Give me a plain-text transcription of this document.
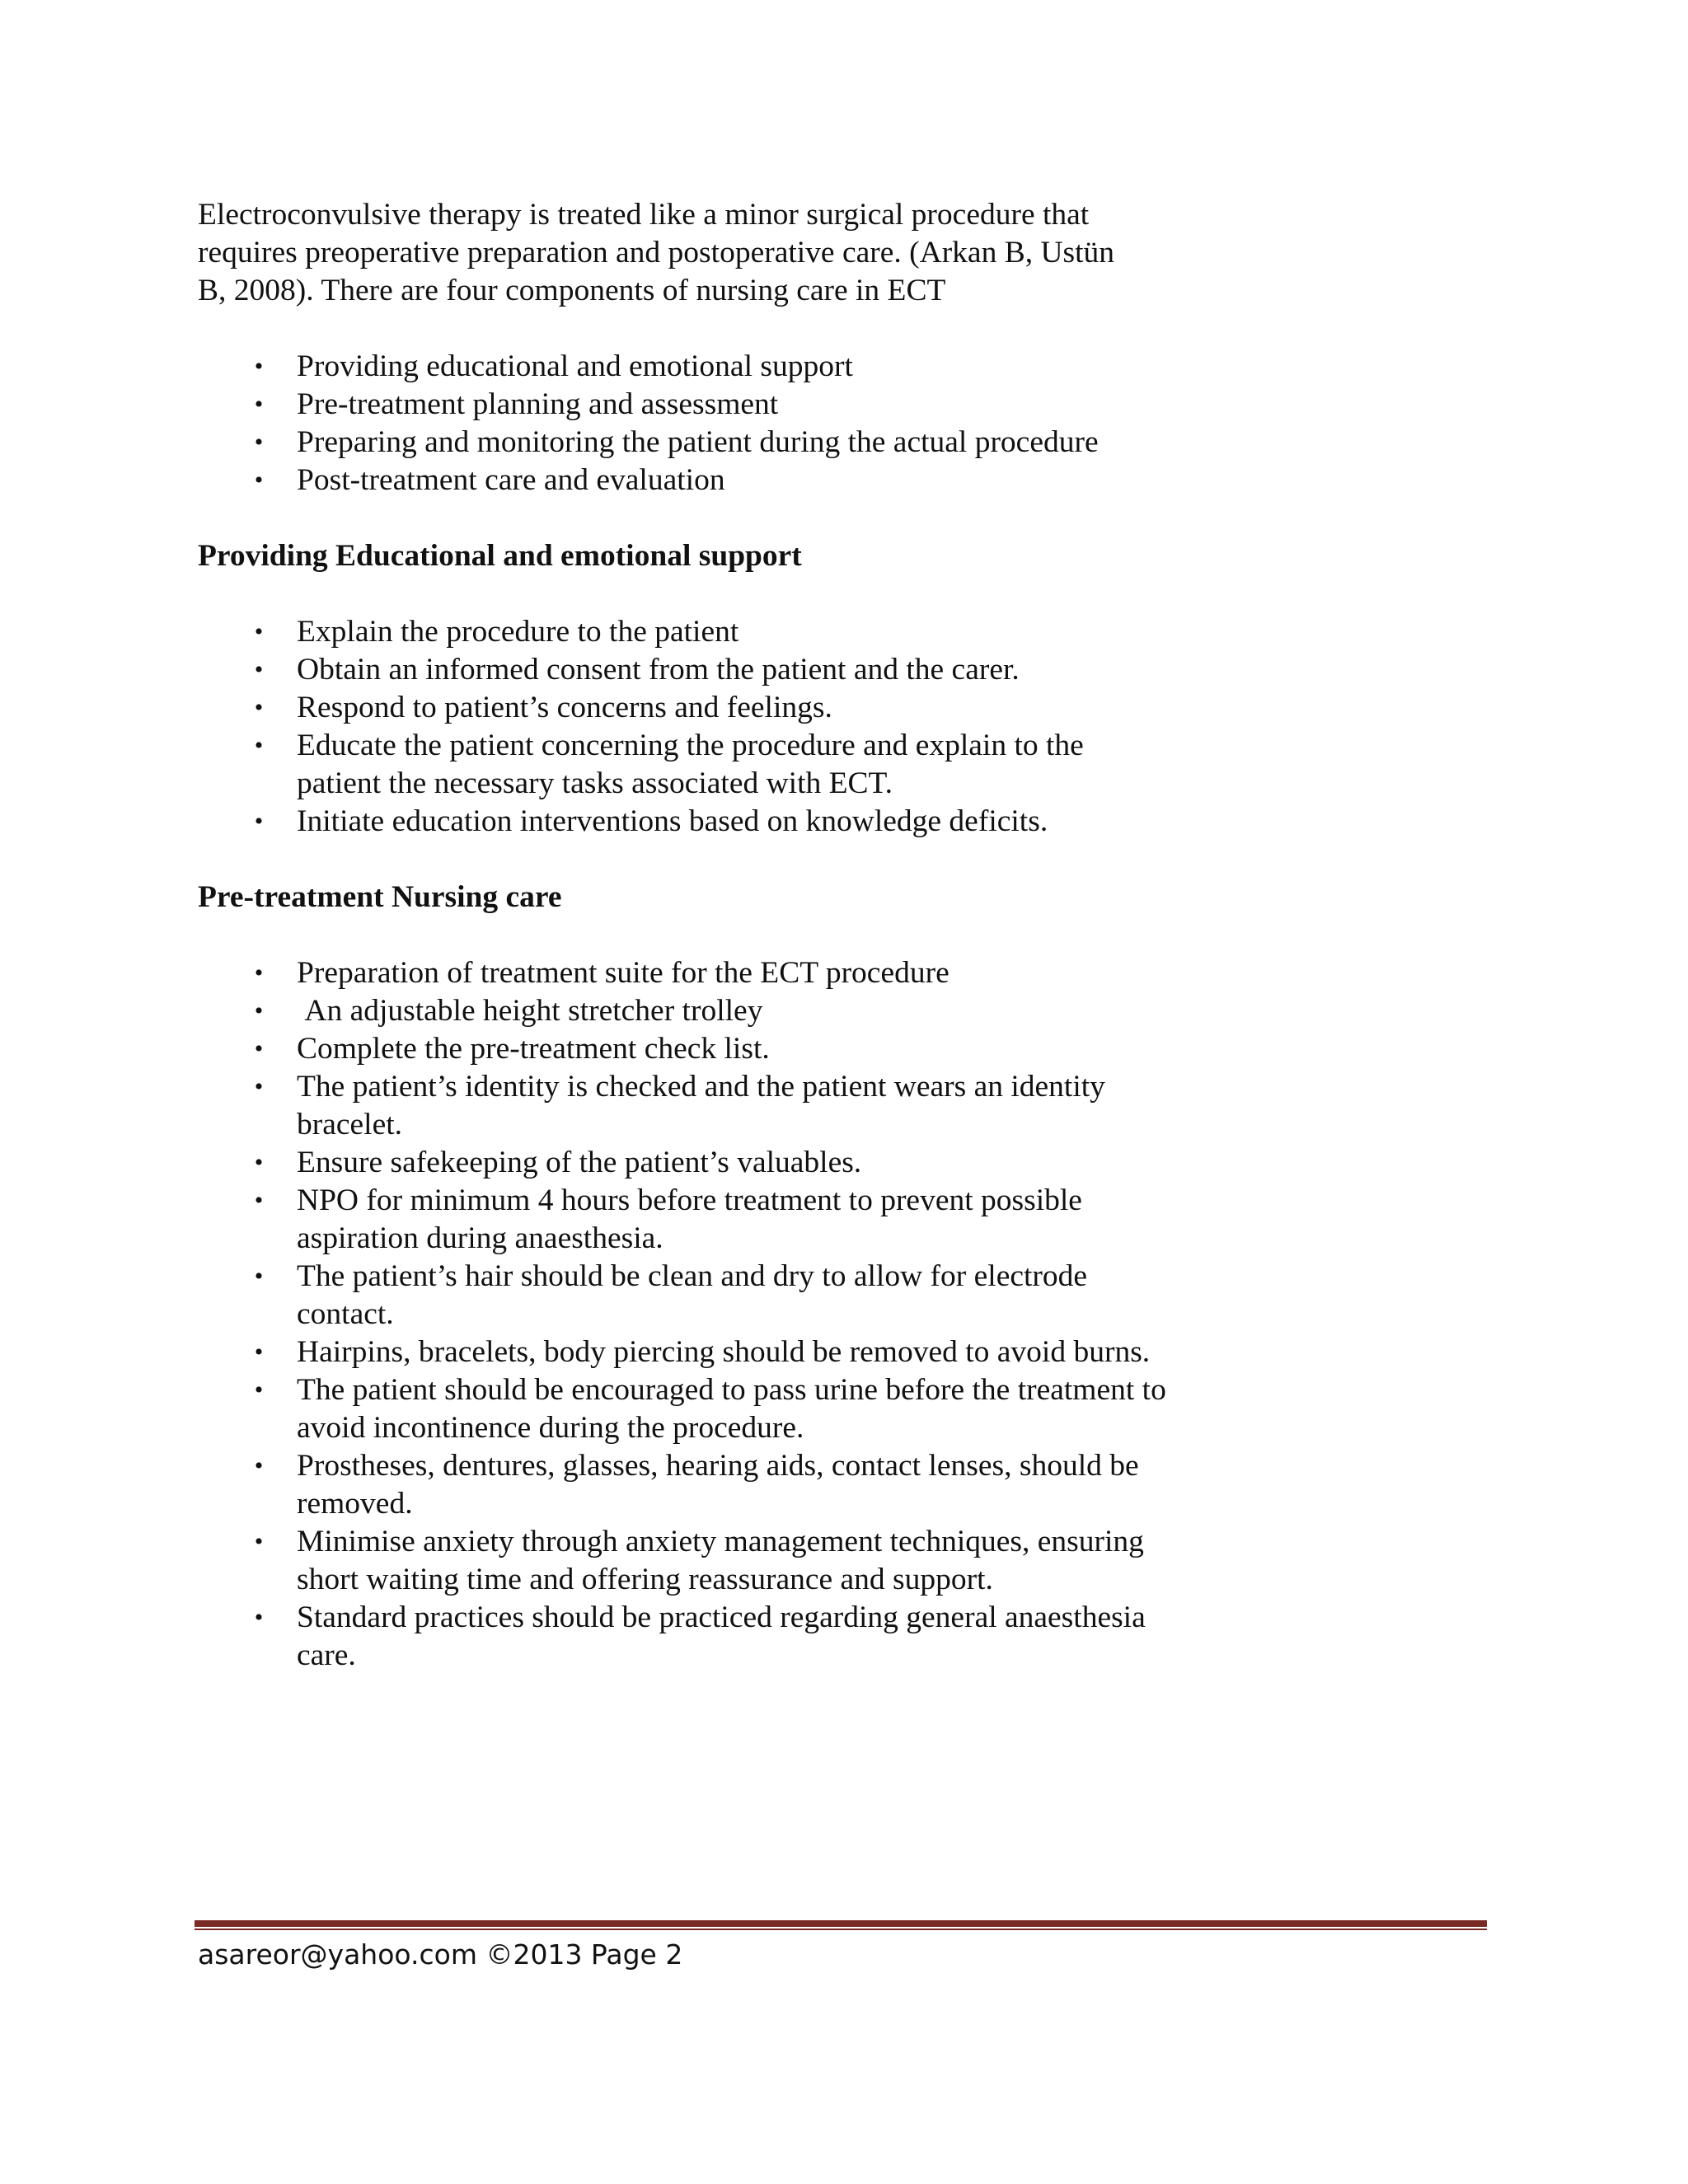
Electroconvulsive therapy is treated like a minor surgical procedure that requires preoperative preparation and postoperative care. (Arkan B, Ustün B, 2008). There are four components of nursing care in ECT

• Providing educational and emotional support
• Pre-treatment planning and assessment
• Preparing and monitoring the patient during the actual procedure
• Post-treatment care and evaluation

Providing Educational and emotional support

• Explain the procedure to the patient
• Obtain an informed consent from the patient and the carer.
• Respond to patient’s concerns and feelings.
• Educate the patient concerning the procedure and explain to the patient the necessary tasks associated with ECT.
• Initiate education interventions based on knowledge deficits.

Pre-treatment Nursing care

• Preparation of treatment suite for the ECT procedure
• An adjustable height stretcher trolley
• Complete the pre-treatment check list.
• The patient’s identity is checked and the patient wears an identity bracelet.
• Ensure safekeeping of the patient’s valuables.
• NPO for minimum 4 hours before treatment to prevent possible aspiration during anaesthesia.
• The patient’s hair should be clean and dry to allow for electrode contact.
• Hairpins, bracelets, body piercing should be removed to avoid burns.
• The patient should be encouraged to pass urine before the treatment to avoid incontinence during the procedure.
• Prostheses, dentures, glasses, hearing aids, contact lenses, should be removed.
• Minimise anxiety through anxiety management techniques, ensuring short waiting time and offering reassurance and support.
• Standard practices should be practiced regarding general anaesthesia care.
asareor@yahoo.com ©2013 Page 2
